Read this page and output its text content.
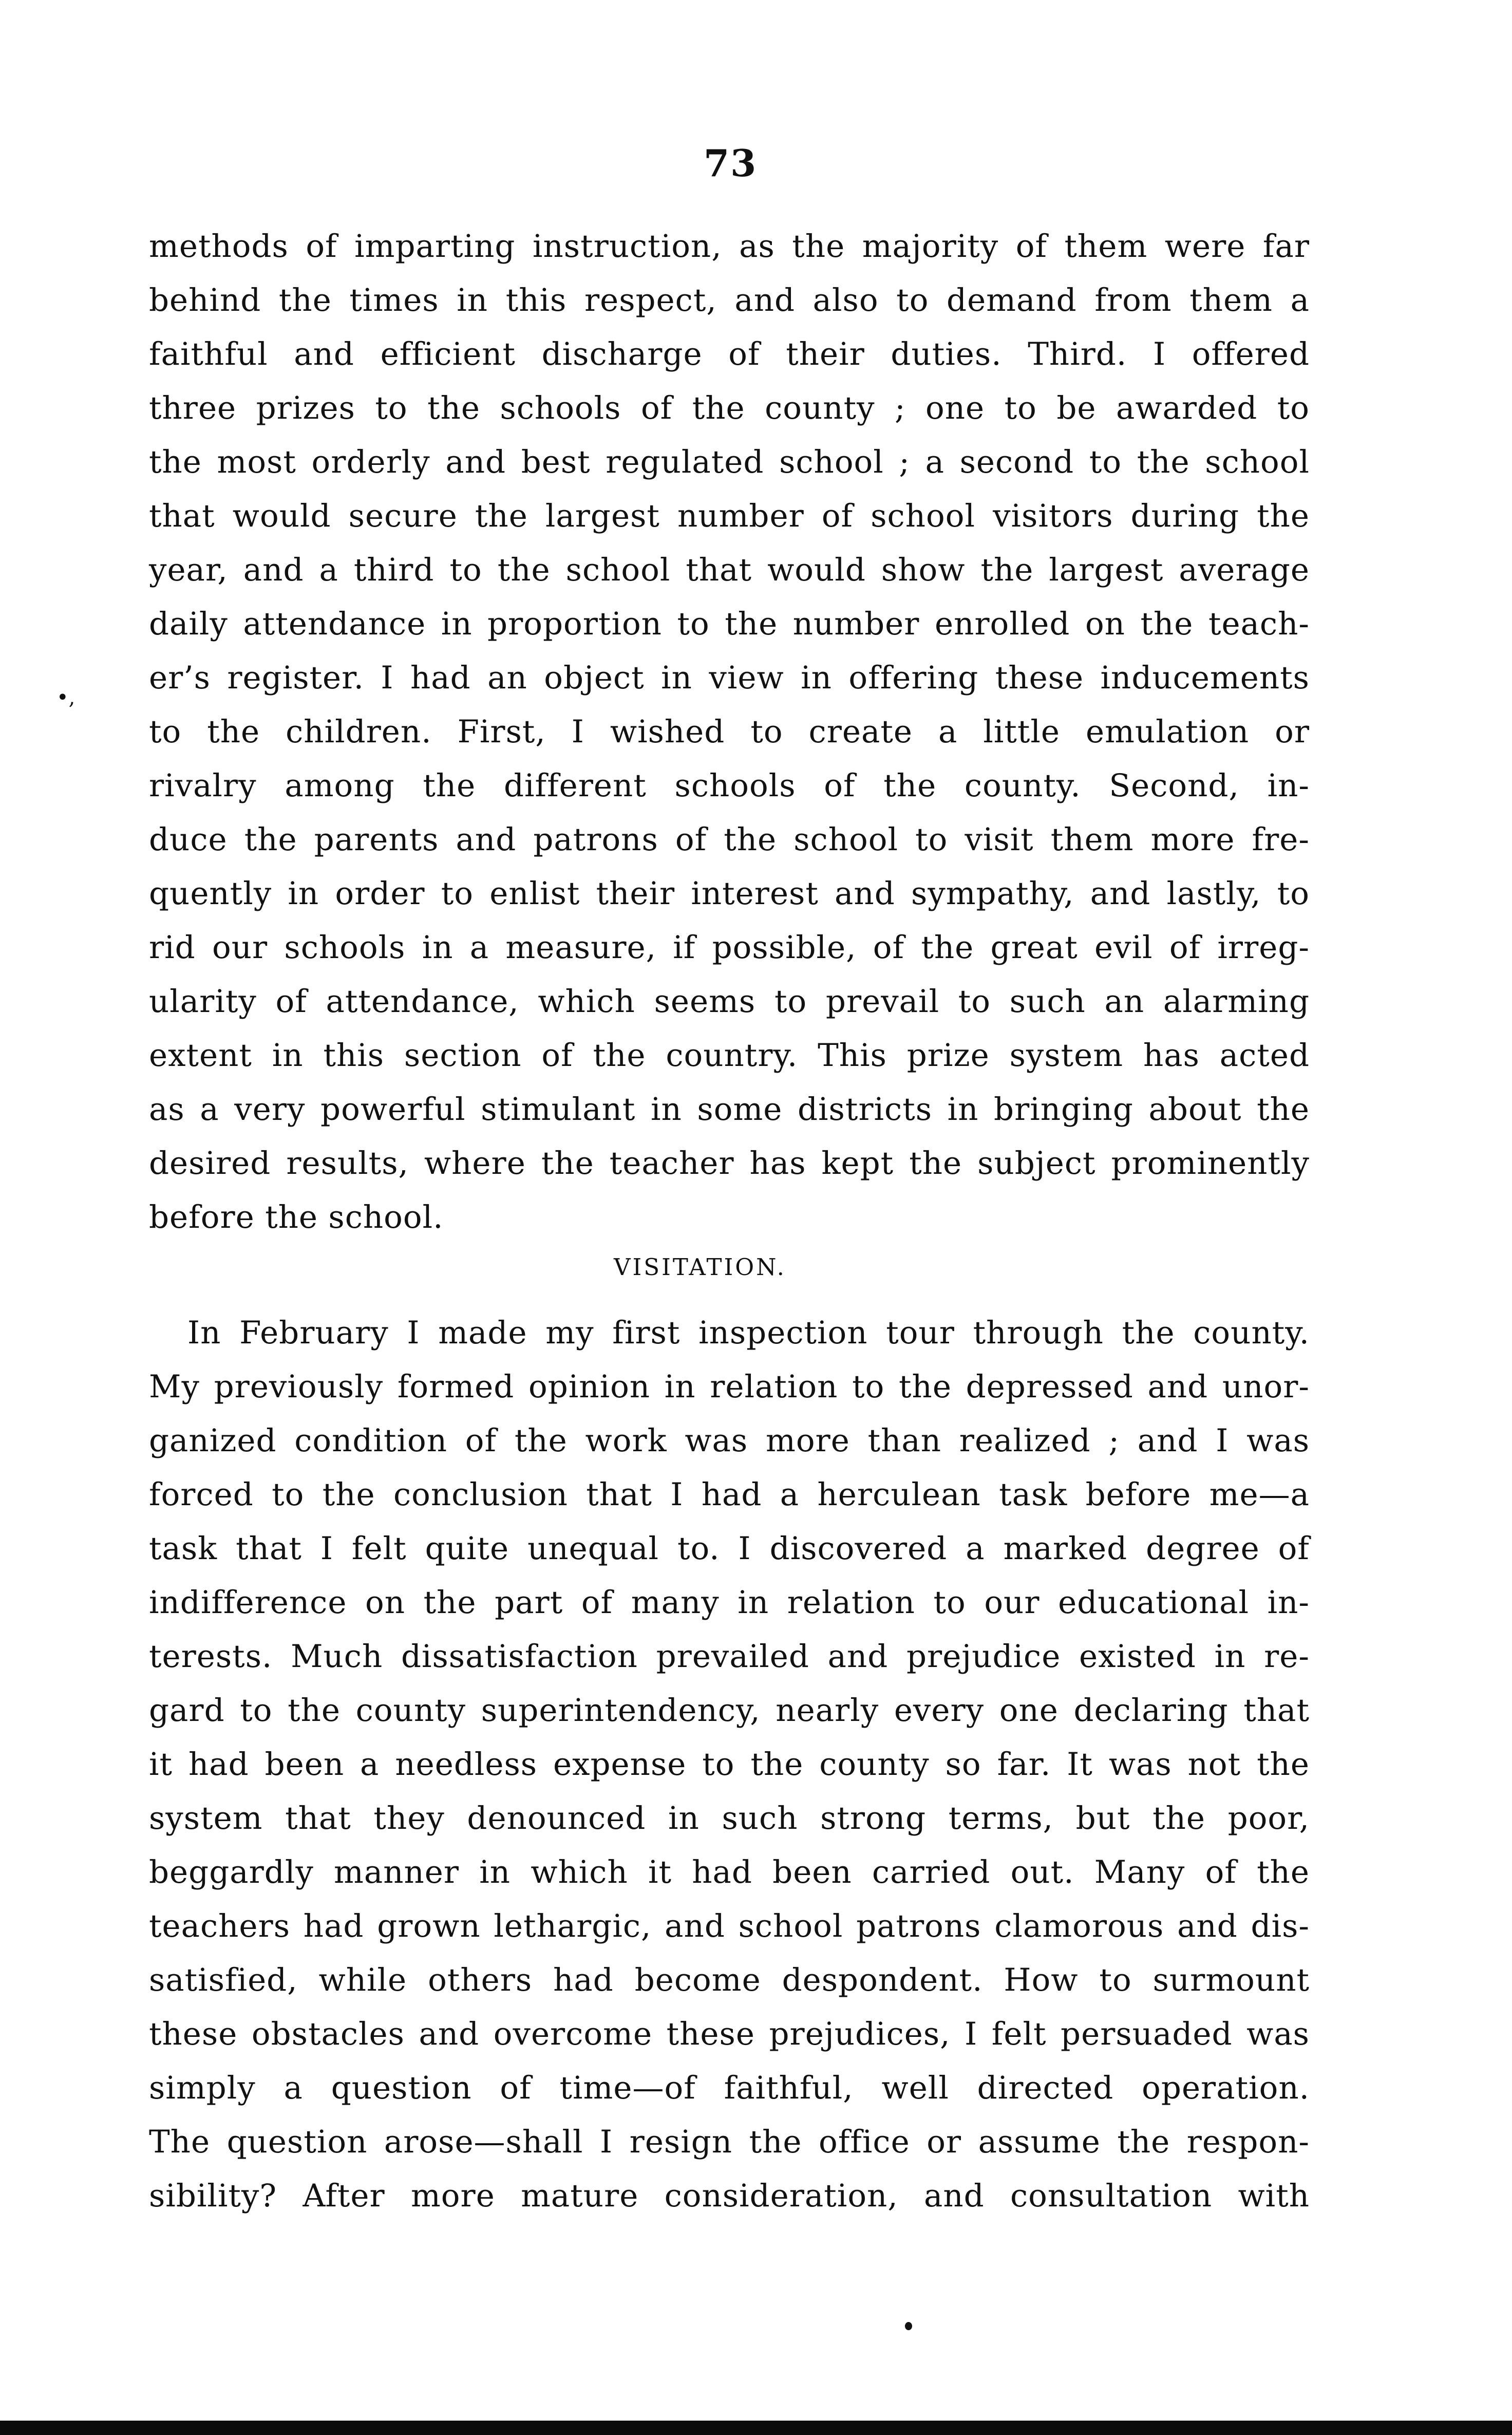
73
•,
methods of imparting instruction, as the majority of them were far
behind the times in this respect, and also to demand from them a
faithful and efficient discharge of their duties. Third. I offered
three prizes to the schools of the county ; one to be awarded to
the most orderly and best regulated school ; a second to the school
that would secure the largest number of school visitors during the
year, and a third to the school that would show the largest average
daily attendance in proportion to the number enrolled on the teach-
er’s register. I had an object in view in offering these inducements
to the children. First, I wished to create a little emulation or
rivalry among the different schools of the county. Second, in-
duce the parents and patrons of the school to visit them more fre-
quently in order to enlist their interest and sympathy, and lastly, to
rid our schools in a measure, if possible, of the great evil of irreg-
ularity of attendance, which seems to prevail to such an alarming
extent in this section of the country. This prize system has acted
as a very powerful stimulant in some districts in bringing about the
desired results, where the teacher has kept the subject prominently
before the school.
VISITATION.
In February I made my first inspection tour through the county.
My previously formed opinion in relation to the depressed and unor-
ganized condition of the work was more than realized ; and I was
forced to the conclusion that I had a herculean task before me—a
task that I felt quite unequal to. I discovered a marked degree of
indifference on the part of many in relation to our educational in-
terests. Much dissatisfaction prevailed and prejudice existed in re-
gard to the county superintendency, nearly every one declaring that
it had been a needless expense to the county so far. It was not the
system that they denounced in such strong terms, but the poor,
beggardly manner in which it had been carried out. Many of the
teachers had grown lethargic, and school patrons clamorous and dis-
satisfied, while others had become despondent. How to surmount
these obstacles and overcome these prejudices, I felt persuaded was
simply a question of time—of faithful, well directed operation.
The question arose—shall I resign the office or assume the respon-
sibility? After more mature consideration, and consultation with
